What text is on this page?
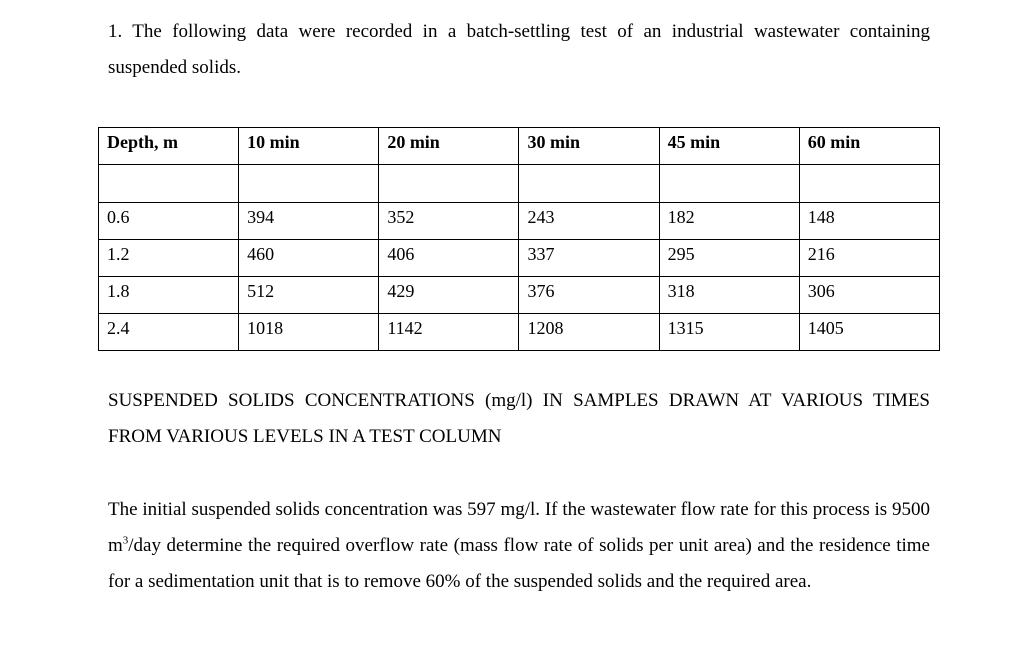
1. The following data were recorded in a batch-settling test of an industrial wastewater containing suspended solids.

Depth, m	10 min	20 min	30 min	45 min	60 min

0.6	394	352	243	182	148
1.2	460	406	337	295	216
1.8	512	429	376	318	306
2.4	1018	1142	1208	1315	1405

SUSPENDED SOLIDS CONCENTRATIONS (mg/l) IN SAMPLES DRAWN AT VARIOUS TIMES FROM VARIOUS LEVELS IN A TEST COLUMN

The initial suspended solids concentration was 597 mg/l. If the wastewater flow rate for this process is 9500 $m^3$/day determine the required overflow rate (mass flow rate of solids per unit area) and the residence time for a sedimentation unit that is to remove 60% of the suspended solids and the required area.
